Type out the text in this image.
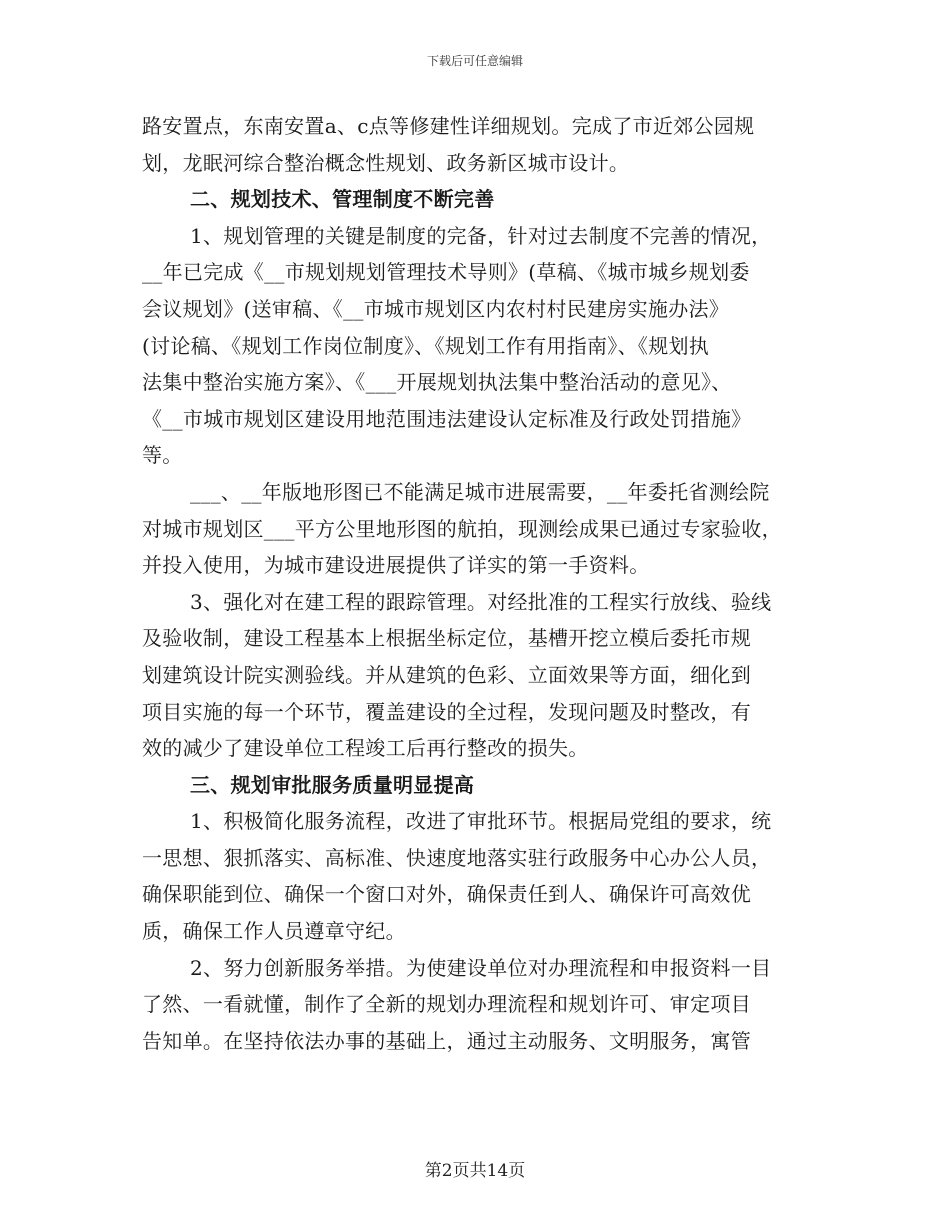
下载后可任意编辑
路安置点，东南安置a、c点等修建性详细规划。完成了市近郊公园规
划，龙眠河综合整治概念性规划、政务新区城市设计。
二、规划技术、管理制度不断完善
1、规划管理的关键是制度的完备，针对过去制度不完善的情况，
__年已完成《__市规划规划管理技术导则》(草稿、《城市城乡规划委
会议规划》(送审稿、《__市城市规划区内农村村民建房实施办法》
(讨论稿、《规划工作岗位制度》、《规划工作有用指南》、《规划执
法集中整治实施方案》、《___开展规划执法集中整治活动的意见》、
《__市城市规划区建设用地范围违法建设认定标准及行政处罚措施》
等。
___、__年版地形图已不能满足城市进展需要，__年委托省测绘院
对城市规划区___平方公里地形图的航拍，现测绘成果已通过专家验收，
并投入使用，为城市建设进展提供了详实的第一手资料。
3、强化对在建工程的跟踪管理。对经批准的工程实行放线、验线
及验收制，建设工程基本上根据坐标定位，基槽开挖立模后委托市规
划建筑设计院实测验线。并从建筑的色彩、立面效果等方面，细化到
项目实施的每一个环节，覆盖建设的全过程，发现问题及时整改，有
效的减少了建设单位工程竣工后再行整改的损失。
三、规划审批服务质量明显提高
1、积极简化服务流程，改进了审批环节。根据局党组的要求，统
一思想、狠抓落实、高标准、快速度地落实驻行政服务中心办公人员，
确保职能到位、确保一个窗口对外，确保责任到人、确保许可高效优
质，确保工作人员遵章守纪。
2、努力创新服务举措。为使建设单位对办理流程和申报资料一目
了然、一看就懂，制作了全新的规划办理流程和规划许可、审定项目
告知单。在坚持依法办事的基础上，通过主动服务、文明服务，寓管
第2页共14页
